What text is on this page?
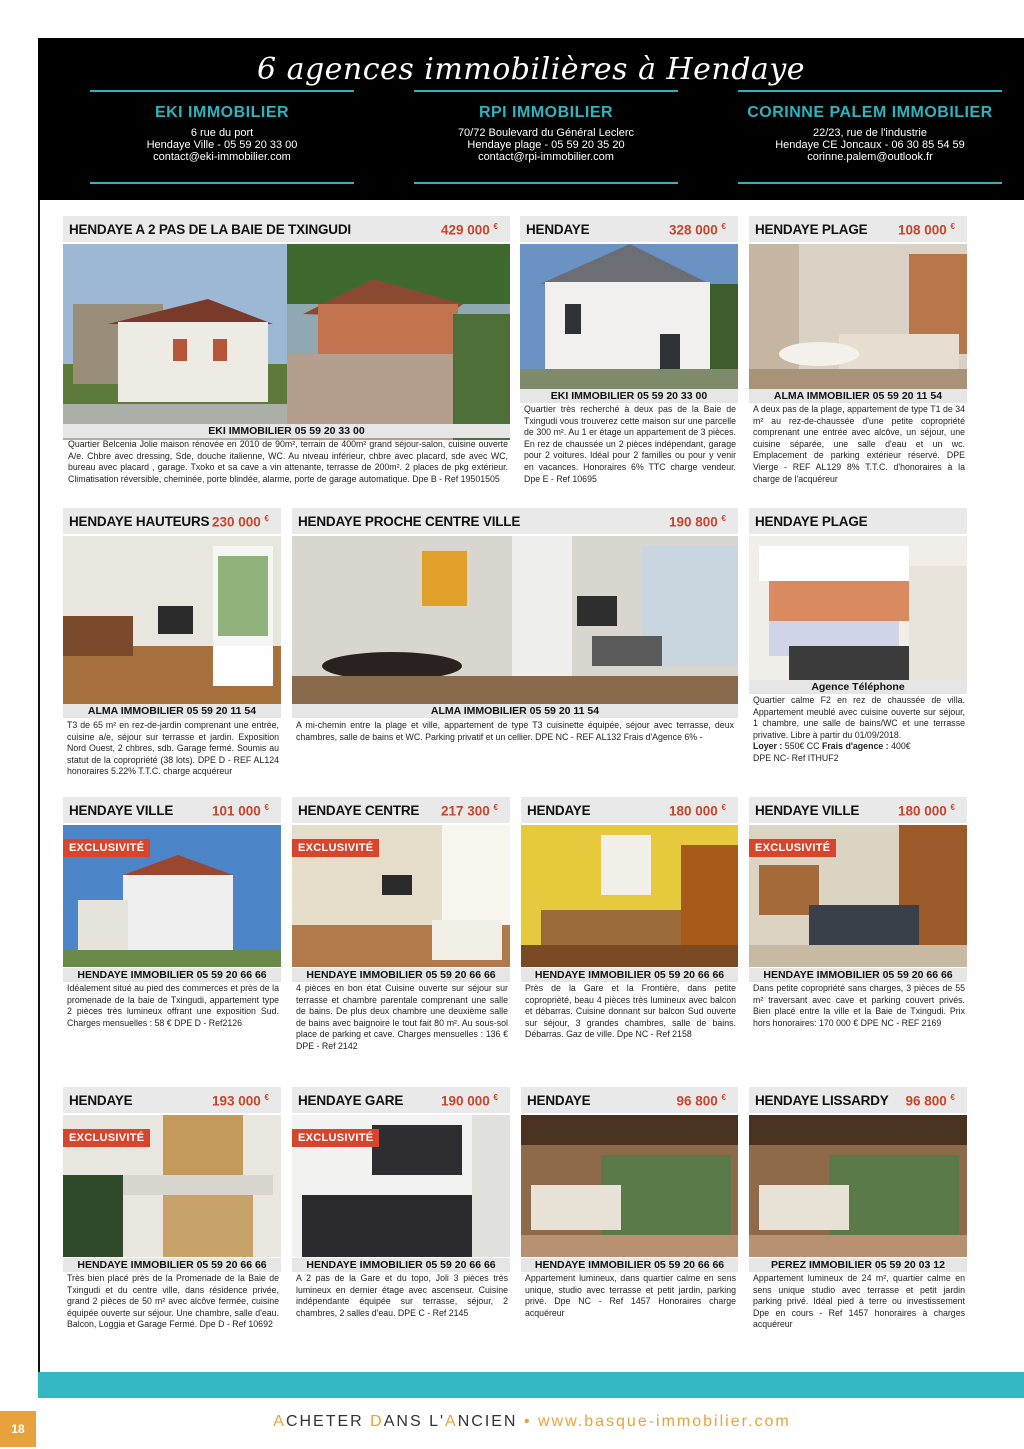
6 agences immobilières à Hendaye
EKI IMMOBILIER
6 rue du port
Hendaye Ville - 05 59 20 33 00
contact@eki-immobilier.com
RPI IMMOBILIER
70/72 Boulevard du Général Leclerc
Hendaye plage - 05 59 20 35 20
contact@rpi-immobilier.com
CORINNE PALEM IMMOBILIER
22/23, rue de l'industrie
Hendaye CE Joncaux - 06 30 85 54 59
corinne.palem@outlook.fr
HENDAYE A 2 PAS DE LA BAIE DE TXINGUDI	429 000 €
EKI IMMOBILIER 05 59 20 33 00
Quartier Belcenia Jolie maison rénovée en 2010 de 90m², terrain de 400m² grand séjour-salon, cuisine ouverte A/e. Chbre avec dressing, Sde, douche italienne, WC. Au niveau inférieur, chbre avec placard, sde avec WC, bureau avec placard , garage. Txoko et sa cave a vin attenante, terrasse de 200m². 2 places de pkg extérieur. Climatisation réversible, cheminée, porte blindée, alarme, porte de garage automatique. Dpe B - Ref 19501505
HENDAYE	328 000 €
EKI IMMOBILIER 05 59 20 33 00
Quartier très recherché à deux pas de la Baie de Txingudi vous trouverez cette maison sur une parcelle de 300 m². Au 1 er étage un appartement de 3 pièces. En rez de chaussée un 2 pièces indépendant, garage pour 2 voitures. Idéal pour 2 familles ou pour y venir en vacances. Honoraires 6% TTC charge vendeur. Dpe E - Ref 10695
HENDAYE PLAGE 108 000 €
ALMA IMMOBILIER 05 59 20 11 54
A deux pas de la plage, appartement de type T1 de 34 m² au rez-de-chaussée d'une petite copropriété comprenant une entrée avec alcôve, un séjour, une cuisine séparée, une salle d'eau et un wc. Emplacement de parking extérieur réservé. DPE Vierge - REF AL129 8% T.T.C. d'honoraires à la charge de l'acquéreur
HENDAYE HAUTEURS 230 000 €
ALMA IMMOBILIER 05 59 20 11 54
T3 de 65 m² en rez-de-jardin comprenant une entrée, cuisine a/e, séjour sur terrasse et jardin. Exposition Nord Ouest, 2 chbres, sdb. Garage fermé. Soumis au statut de la copropriété (38 lots). DPE D - REF AL124 honoraires 5.22% T.T.C. charge acquéreur
HENDAYE PROCHE CENTRE VILLE	190 800 €
ALMA IMMOBILIER 05 59 20 11 54
A mi-chemin entre la plage et ville, appartement de type T3 cuisinette équipée, séjour avec terrasse, deux chambres, salle de bains et WC. Parking privatif et un cellier. DPE NC - REF AL132 Frais d'Agence 6% -
HENDAYE PLAGE
Agence Téléphone
Quartier calme F2 en rez de chaussée de villa. Appartement meublé avec cuisine ouverte sur séjour, 1 chambre, une salle de bains/WC et une terrasse privative. Libre à partir du 01/09/2018.
Loyer : 550€ CC Frais d'agence : 400€
DPE NC- Ref ITHUF2
HENDAYE VILLE	101 000 €
EXCLUSIVITÉ
HENDAYE IMMOBILIER 05 59 20 66 66
Idéalement situé au pied des commerces et près de la promenade de la baie de Txingudi, appartement type 2 pièces très lumineux offrant une exposition Sud. Charges mensuelles : 58 € DPE D - Ref2126
HENDAYE CENTRE 217 300 €
EXCLUSIVITÉ
HENDAYE IMMOBILIER 05 59 20 66 66
4 pièces en bon état Cuisine ouverte sur séjour sur terrasse et chambre parentale comprenant une salle de bains. De plus deux chambre une deuxième salle de bains avec baignoire le tout fait 80 m². Au sous-sol place de parking et cave. Charges mensuelles : 136 € DPE - Ref 2142
HENDAYE	180 000 €
HENDAYE IMMOBILIER 05 59 20 66 66
Près de la Gare et la Frontière, dans petite copropriété, beau 4 pièces très lumineux avec balcon et débarras. Cuisine donnant sur balcon Sud ouverte sur séjour, 3 grandes chambres, salle de bains. Débarras. Gaz de ville. Dpe NC - Ref 2158
HENDAYE VILLE	180 000 €
EXCLUSIVITÉ
HENDAYE IMMOBILIER 05 59 20 66 66
Dans petite copropriété sans charges, 3 pièces de 55 m² traversant avec cave et parking couvert privés. Bien placé entre la ville et la Baie de Txingudi. Prix hors honoraires: 170 000 € DPE NC - REF 2169
HENDAYE	193 000 €
EXCLUSIVITÉ
HENDAYE IMMOBILIER 05 59 20 66 66
Très bien placé près de la Promenade de la Baie de Txingudi et du centre ville, dans résidence privée, grand 2 pièces de 50 m² avec alcôve fermée, cuisine équipée ouverte sur séjour. Une chambre, salle d'eau. Balcon, Loggia et Garage Fermé. Dpe D - Ref 10692
HENDAYE GARE	190 000 €
EXCLUSIVITÉ
HENDAYE IMMOBILIER 05 59 20 66 66
A 2 pas de la Gare et du topo, Joli 3 pièces très lumineux en dernier étage avec ascenseur. Cuisine indépendante équipée sur terrasse, séjour, 2 chambres, 2 salles d'eau. DPE C - Ref 2145
HENDAYE	96 800 €
HENDAYE IMMOBILIER 05 59 20 66 66
Appartement lumineux, dans quartier calme en sens unique, studio avec terrasse et petit jardin, parking privé. Dpe NC - Ref 1457 Honoraires charge acquéreur
HENDAYE LISSARDY 96 800 €
PEREZ IMMOBILIER 05 59 20 03 12
Appartement lumineux de 24 m², quartier calme en sens unique studio avec terrasse et petit jardin parking privé. Idéal pied à terre ou investissement Dpe en cours - Ref 1457 honoraires à charges acquéreur
18	ACHETER DANS L'ANCIEN • www.basque-immobilier.com
